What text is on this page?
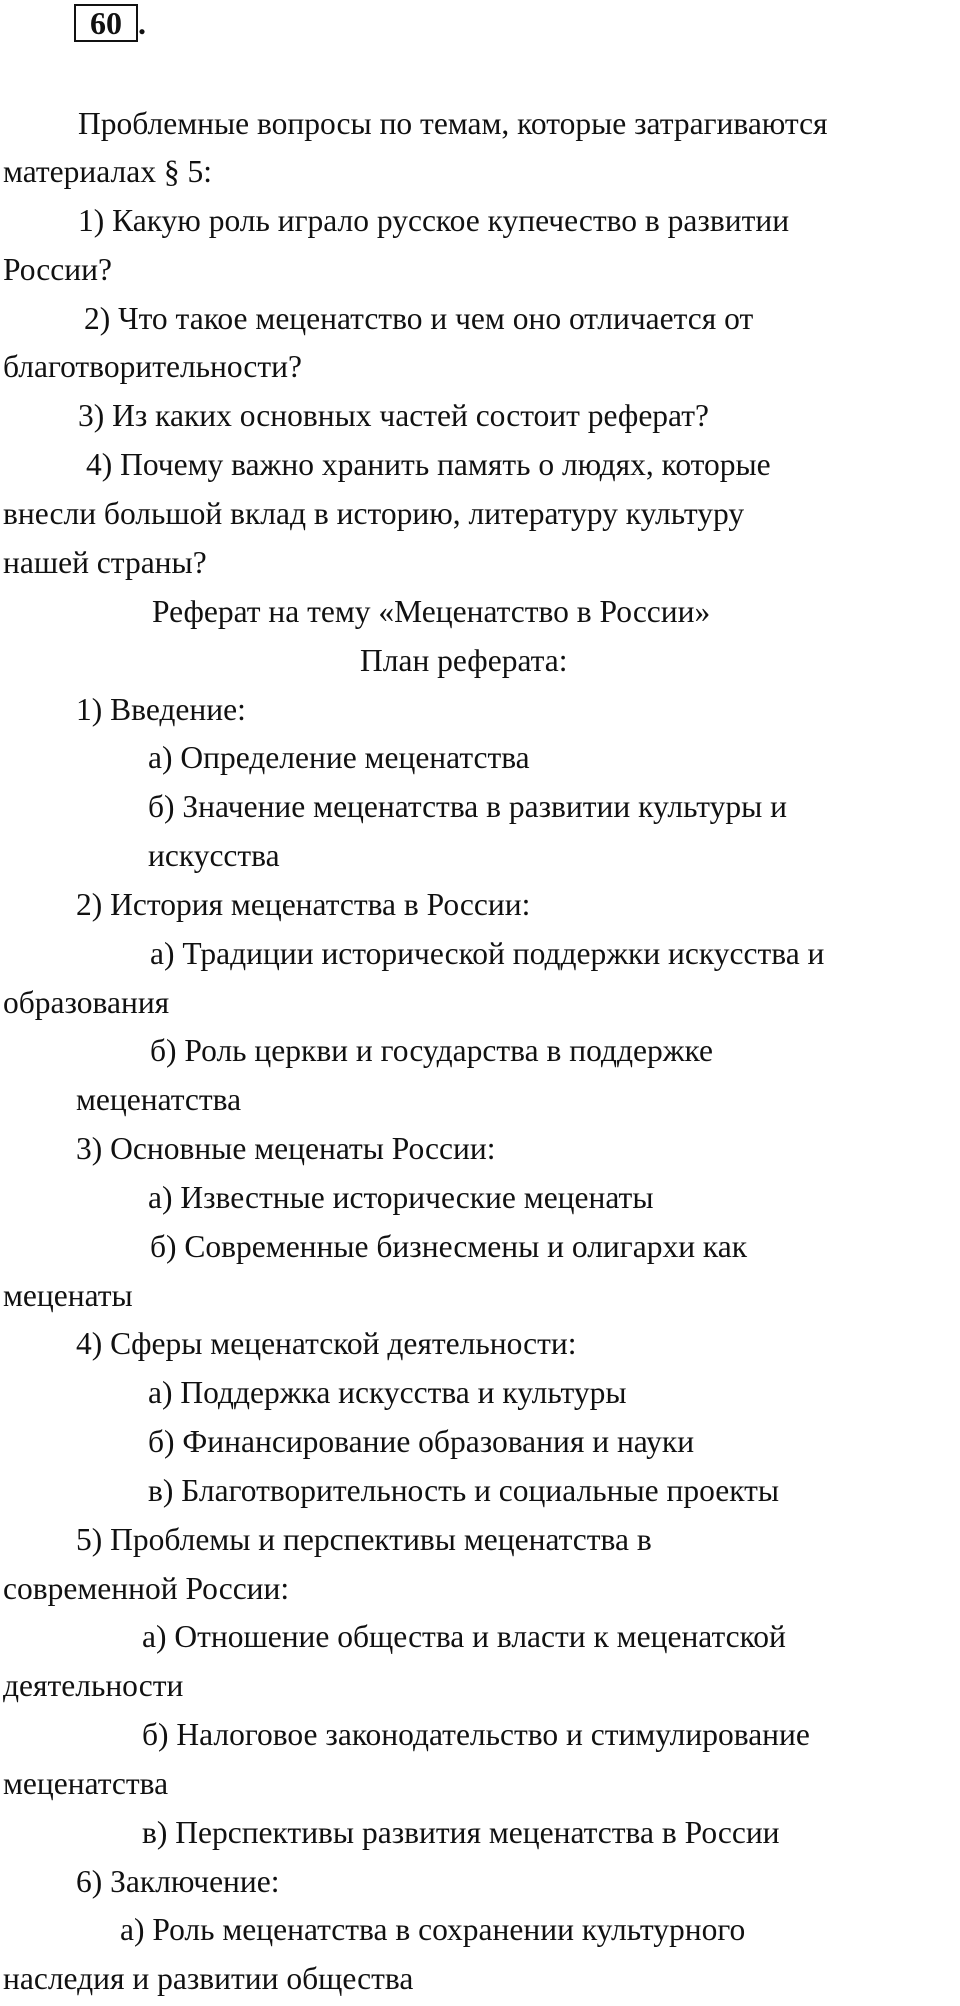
60 .
Проблемные вопросы по темам, которые затрагиваются
материалах § 5:
1) Какую роль играло русское купечество в развитии
России?
2) Что такое меценатство и чем оно отличается от
благотворительности?
3) Из каких основных частей состоит реферат?
4) Почему важно хранить память о людях, которые
внесли большой вклад в историю, литературу культуру
нашей страны?
Реферат на тему «Меценатство в России»
План реферата:
1) Введение:
а) Определение меценатства
б) Значение меценатства в развитии культуры и
искусства
2) История меценатства в России:
а) Традиции исторической поддержки искусства и
образования
б) Роль церкви и государства в поддержке
меценатства
3) Основные меценаты России:
а) Известные исторические меценаты
б) Современные бизнесмены и олигархи как
меценаты
4) Сферы меценатской деятельности:
а) Поддержка искусства и культуры
б) Финансирование образования и науки
в) Благотворительность и социальные проекты
5) Проблемы и перспективы меценатства в
современной России:
а) Отношение общества и власти к меценатской
деятельности
б) Налоговое законодательство и стимулирование
меценатства
в) Перспективы развития меценатства в России
6) Заключение:
а) Роль меценатства в сохранении культурного
наследия и развитии общества
